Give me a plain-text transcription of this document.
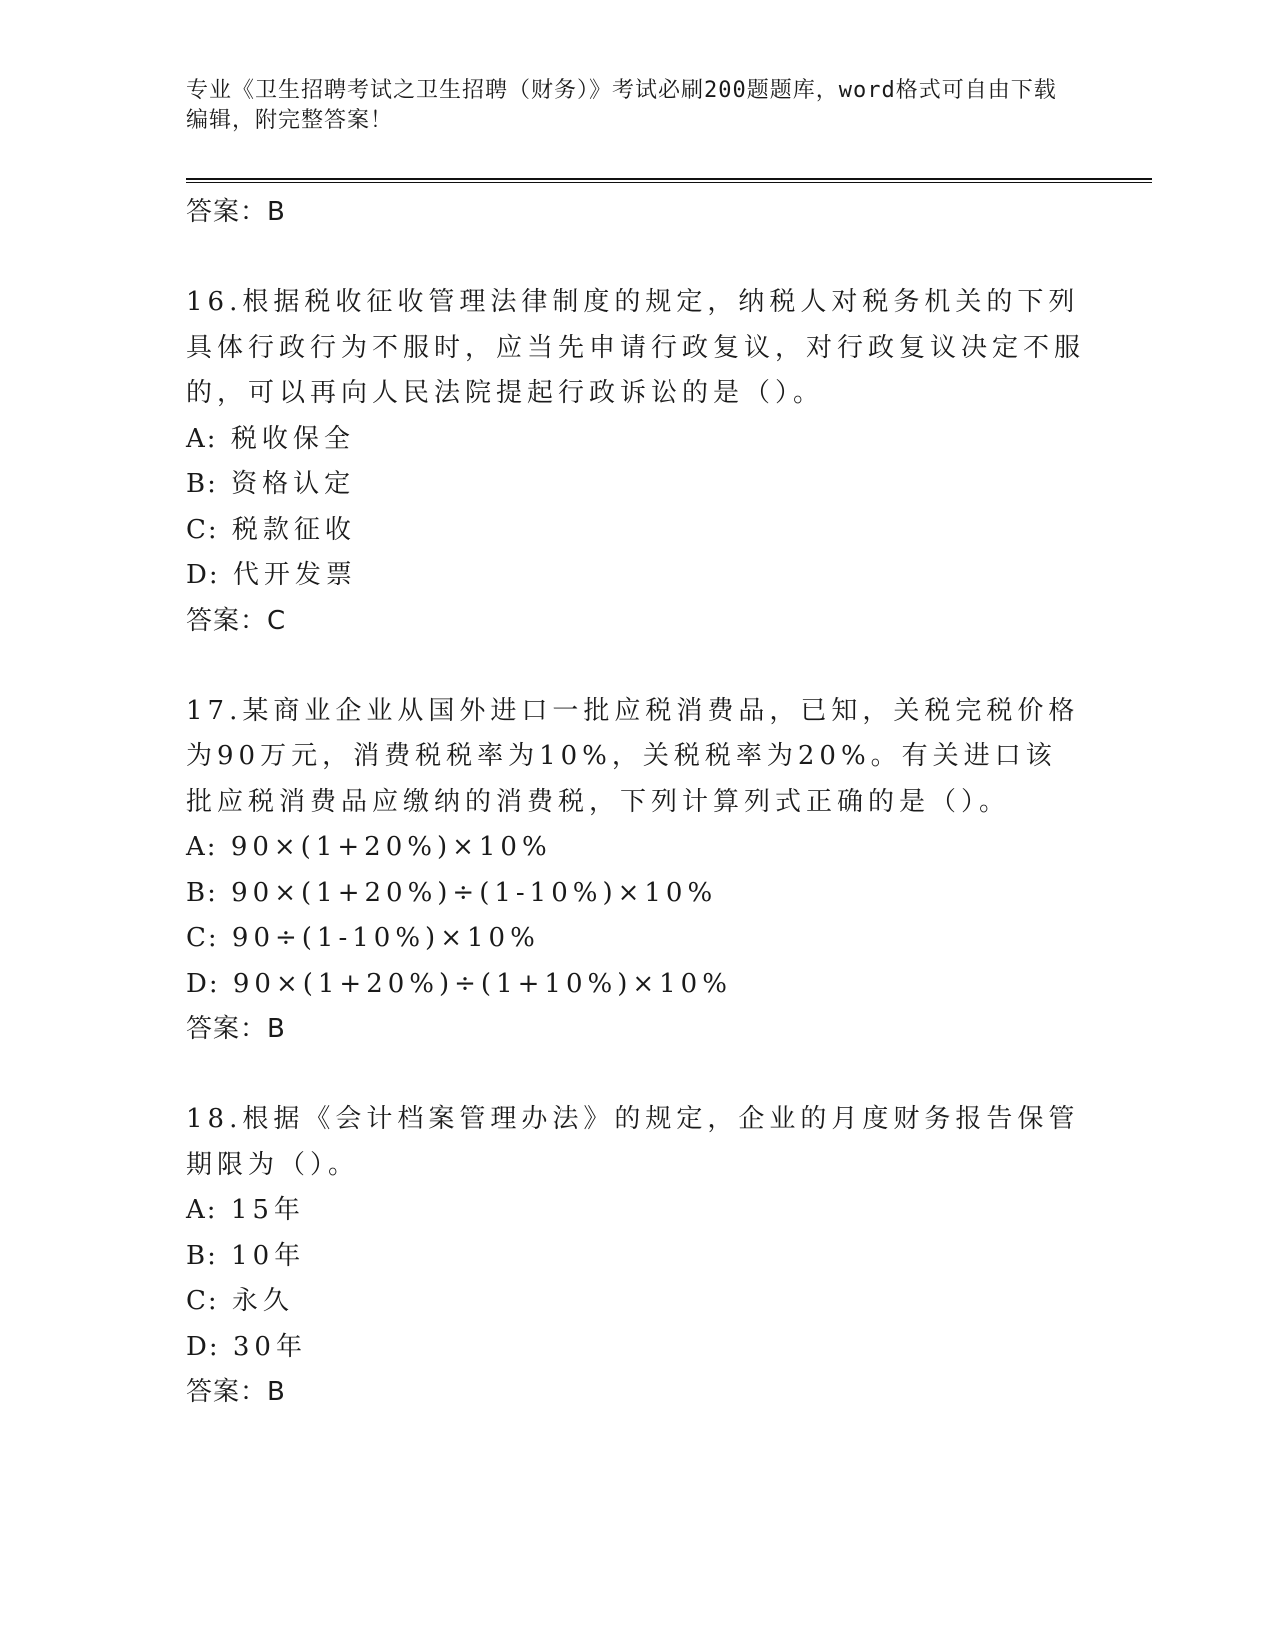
专业《卫生招聘考试之卫生招聘（财务）》考试必刷200题题库，word格式可自由下载编辑，附完整答案！
答案：B
16.根据税收征收管理法律制度的规定，纳税人对税务机关的下列具体行政行为不服时，应当先申请行政复议，对行政复议决定不服的，可以再向人民法院提起行政诉讼的是（）。
A: 税收保全
B: 资格认定
C: 税款征收
D: 代开发票
答案：C
17.某商业企业从国外进口一批应税消费品，已知，关税完税价格为90万元，消费税税率为10%，关税税率为20%。有关进口该批应税消费品应缴纳的消费税，下列计算列式正确的是（）。
A: 90×(1+20%)×10%
B: 90×(1+20%)÷(1-10%)×10%
C: 90÷(1-10%)×10%
D: 90×(1+20%)÷(1+10%)×10%
答案：B
18.根据《会计档案管理办法》的规定，企业的月度财务报告保管期限为（）。
A: 15年
B: 10年
C: 永久
D: 30年
答案：B
